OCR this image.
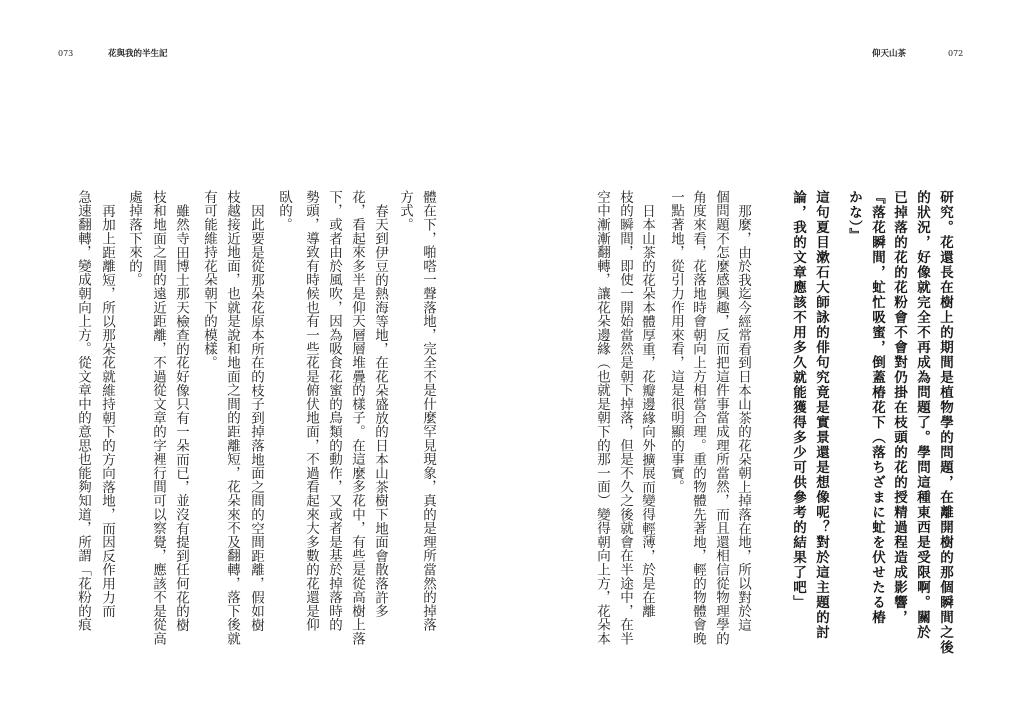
073	花與我的半生記
體在下，啪嗒一聲落地，完全不是什麼罕見現象，真的是理所當然的掉落
方式。
春天到伊豆的熱海等地，在花朵盛放的日本山茶樹下地面會散落許多
花，看起來多半是仰天層層堆疊的樣子。在這麼多花中，有些是從高樹上落
下，或者由於風吹，因為吸食花蜜的鳥類的動作，又或者是基於掉落時的
勢頭，導致有時候也有一些花是俯伏地面，不過看起來大多數的花還是仰
臥的。
因此要是從那朵花原本所在的枝子到掉落地面之間的空間距離，假如樹
枝越接近地面，也就是說和地面之間的距離短，花朵來不及翻轉，落下後就
有可能維持花朵朝下的模樣。
雖然寺田博士那天檢查的花好像只有一朵而已，並沒有提到任何花的樹
枝和地面之間的遠近距離，不過從文章的字裡行間可以察覺，應該不是從高
處掉落下來的。
再加上距離短，所以那朵花就維持朝下的方向落地，而因反作用力而
急速翻轉，變成朝向上方。從文章中的意思也能夠知道，所謂「花粉的痕
仰天山茶	072
研究。花還長在樹上的期間是植物學的問題，在離開樹的那個瞬間之後
的狀況，好像就完全不再成為問題了。學問這種東西是受限啊。關於
已掉落的花的花粉會不會對仍掛在枝頭的花的授精過程造成影響，
『落花瞬間，虻忙吸蜜，倒蓋椿花下（落ちざまに虻を伏せたる椿
かな）』
這句夏目漱石大師詠的俳句究竟是實景還是想像呢？對於這主題的討
論，我的文章應該不用多久就能獲得多少可供參考的結果了吧」
那麼，由於我迄今經常看到日本山茶的花朵朝上掉落在地，所以對於這
個問題不怎麼感興趣，反而把這件事當成理所當然，而且還相信從物理學的
角度來看，花落地時會朝向上方相當合理。重的物體先著地，輕的物體會晚
一點著地，從引力作用來看，這是很明顯的事實。
日本山茶的花朵本體厚重，花瓣邊緣向外擴展而變得輕薄，於是在離
枝的瞬間，即使一開始當然是朝下掉落，但是不久之後就會在半途中，在半
空中漸漸翻轉，讓花朵邊緣（也就是朝下的那一面）變得朝向上方，花朵本
